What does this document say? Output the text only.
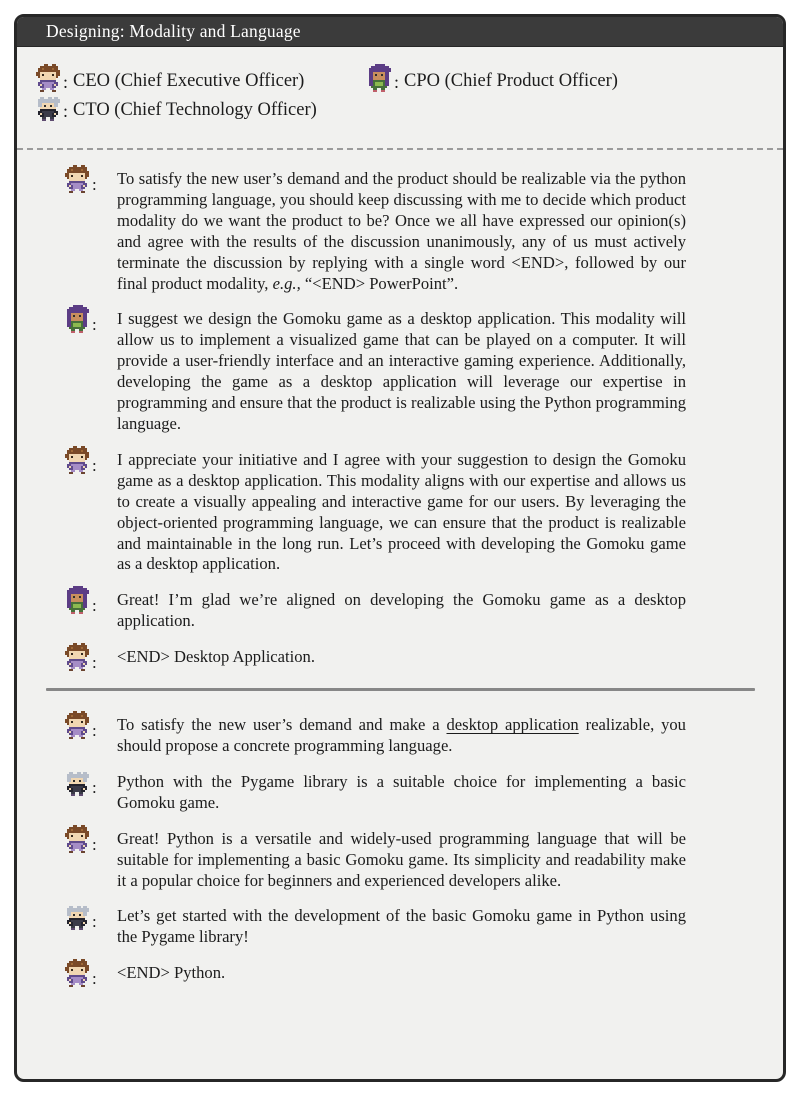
Designing: Modality and Language
: CEO (Chief Executive Officer)	: CPO (Chief Product Officer)
: CTO (Chief Technology Officer)
: To satisfy the new user’s demand and the product should be realizable via the python programming language, you should keep discussing with me to decide which product modality do we want the product to be? Once we all have expressed our opinion(s) and agree with the results of the discussion unanimously, any of us must actively terminate the discussion by replying with a single word <END>, followed by our final product modality, e.g., “<END> PowerPoint”.
: I suggest we design the Gomoku game as a desktop application. This modality will allow us to implement a visualized game that can be played on a computer. It will provide a user-friendly interface and an interactive gaming experience. Additionally, developing the game as a desktop application will leverage our expertise in programming and ensure that the product is realizable using the Python programming language.
: I appreciate your initiative and I agree with your suggestion to design the Gomoku game as a desktop application. This modality aligns with our expertise and allows us to create a visually appealing and interactive game for our users. By leveraging the object-oriented programming language, we can ensure that the product is realizable and maintainable in the long run. Let’s proceed with developing the Gomoku game as a desktop application.
: Great! I’m glad we’re aligned on developing the Gomoku game as a desktop application.
: <END> Desktop Application.
: To satisfy the new user’s demand and make a desktop application realizable, you should propose a concrete programming language.
: Python with the Pygame library is a suitable choice for implementing a basic Gomoku game.
: Great! Python is a versatile and widely-used programming language that will be suitable for implementing a basic Gomoku game. Its simplicity and readability make it a popular choice for beginners and experienced developers alike.
: Let’s get started with the development of the basic Gomoku game in Python using the Pygame library!
: <END> Python.
